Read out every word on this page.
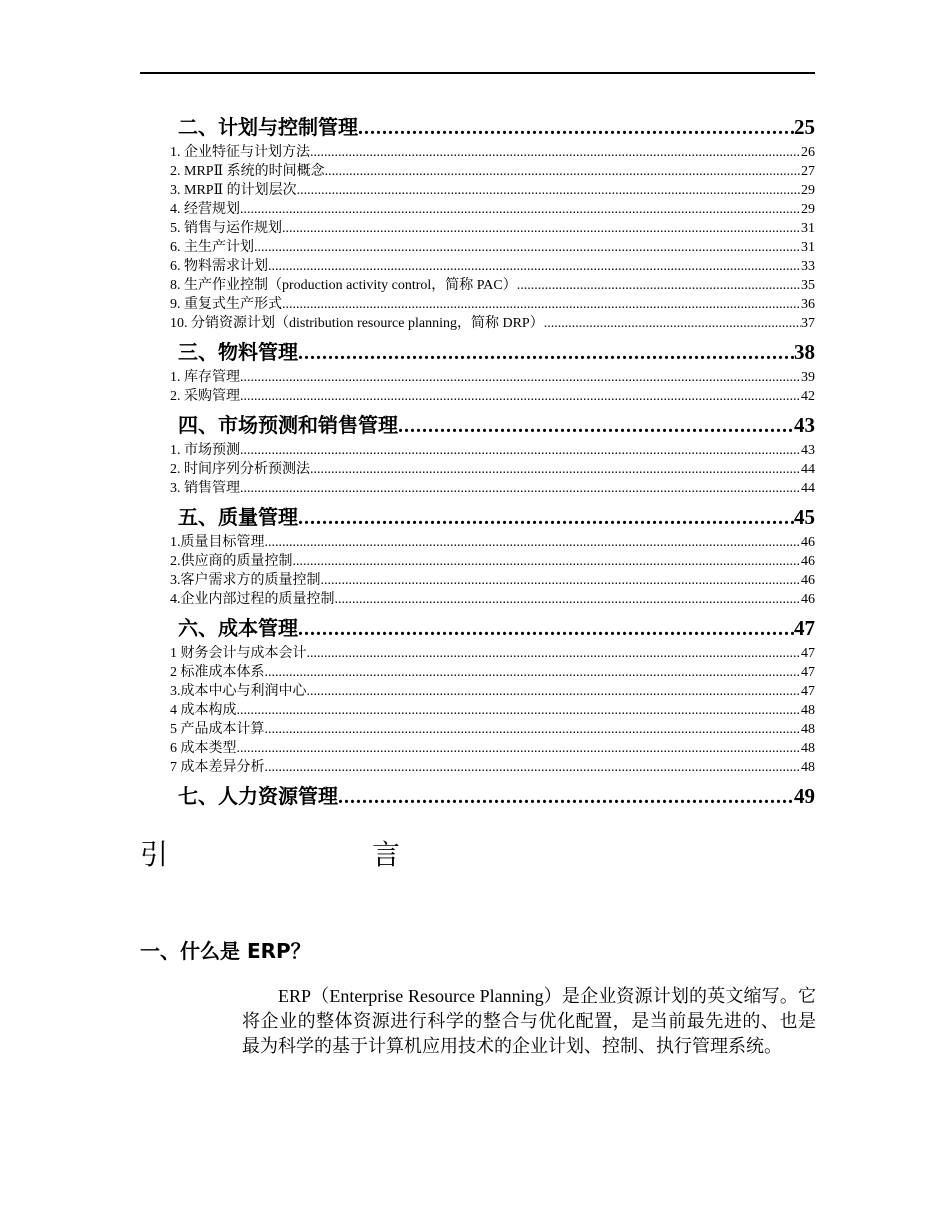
二、计划与控制管理 .....	25
1. 企业特征与计划方法 .....	26
2. MRPⅡ 系统的时间概念 .....	27
3. MRPⅡ 的计划层次 .....	29
4. 经营规划 .....	29
5. 销售与运作规划 .....	31
6. 主生产计划 .....	31
6. 物料需求计划 .....	33
8. 生产作业控制（production activity control，简称 PAC） .....	35
9. 重复式生产形式 .....	36
10. 分销资源计划（distribution resource planning，简称 DRP） .....	37
三、物料管理 .....	38
1. 库存管理 .....	39
2. 采购管理 .....	42
四、市场预测和销售管理 .....	43
1. 市场预测 .....	43
2. 时间序列分析预测法 .....	44
3. 销售管理 .....	44
五、质量管理 .....	45
1.质量目标管理 .....	46
2.供应商的质量控制 .....	46
3.客户需求方的质量控制 .....	46
4.企业内部过程的质量控制 .....	46
六、成本管理 .....	47
1 财务会计与成本会计 .....	47
2 标准成本体系 .....	47
3.成本中心与利润中心 .....	47
4 成本构成 .....	48
5 产品成本计算 .....	48
6 成本类型 .....	48
7 成本差异分析 .....	48
七、人力资源管理 .....	49
引	言
一、什么是 ERP？
ERP（Enterprise Resource Planning）是企业资源计划的英文缩写。它将企业的整体资源进行科学的整合与优化配置，是当前最先进的、也是最为科学的基于计算机应用技术的企业计划、控制、执行管理系统。
